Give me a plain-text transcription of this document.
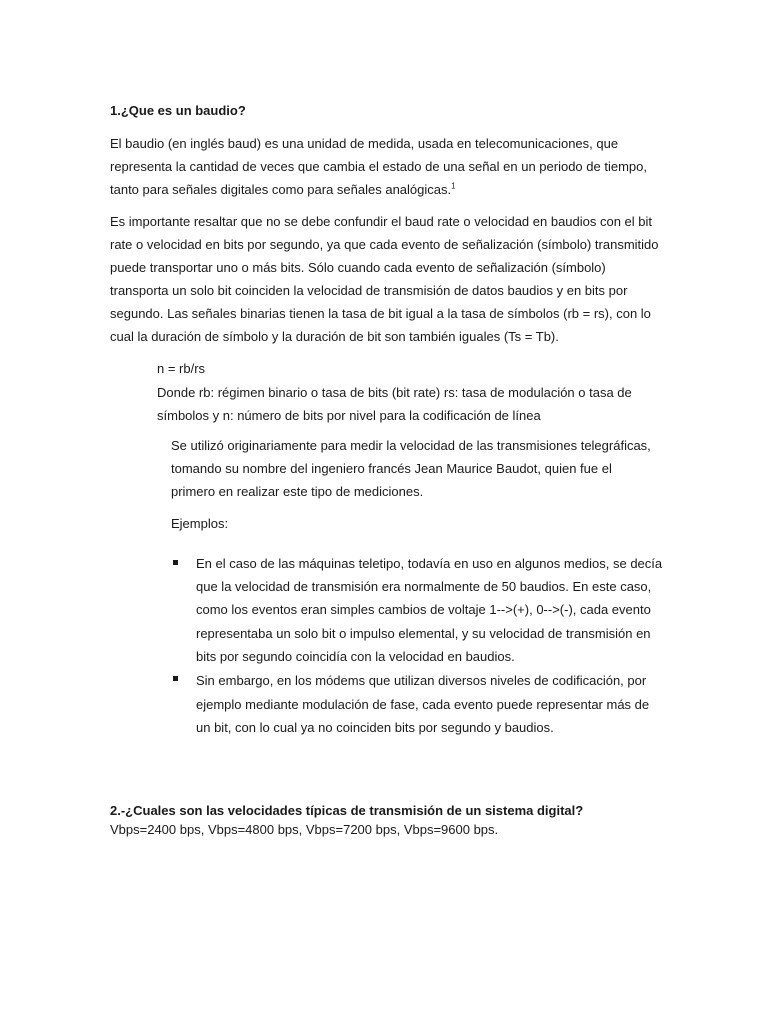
1.¿Que es un baudio?
El baudio (en inglés baud) es una unidad de medida, usada en telecomunicaciones, que
representa la cantidad de veces que cambia el estado de una señal en un periodo de tiempo,
tanto para señales digitales como para señales analógicas.$^1$
Es importante resaltar que no se debe confundir el baud rate o velocidad en baudios con el bit
rate o velocidad en bits por segundo, ya que cada evento de señalización (símbolo) transmitido
puede transportar uno o más bits. Sólo cuando cada evento de señalización (símbolo)
transporta un solo bit coinciden la velocidad de transmisión de datos baudios y en bits por
segundo. Las señales binarias tienen la tasa de bit igual a la tasa de símbolos (rb = rs), con lo
cual la duración de símbolo y la duración de bit son también iguales (Ts = Tb).
n = rb/rs
Donde rb: régimen binario o tasa de bits (bit rate) rs: tasa de modulación o tasa de
símbolos y n: número de bits por nivel para la codificación de línea
Se utilizó originariamente para medir la velocidad de las transmisiones telegráficas,
tomando su nombre del ingeniero francés Jean Maurice Baudot, quien fue el
primero en realizar este tipo de mediciones.
Ejemplos:
En el caso de las máquinas teletipo, todavía en uso en algunos medios, se decía
que la velocidad de transmisión era normalmente de 50 baudios. En este caso,
como los eventos eran simples cambios de voltaje 1-->(+), 0-->(-), cada evento
representaba un solo bit o impulso elemental, y su velocidad de transmisión en
bits por segundo coincidía con la velocidad en baudios.
Sin embargo, en los módems que utilizan diversos niveles de codificación, por
ejemplo mediante modulación de fase, cada evento puede representar más de
un bit, con lo cual ya no coinciden bits por segundo y baudios.
2.-¿Cuales son las velocidades típicas de transmisión de un sistema digital?
Vbps=2400 bps, Vbps=4800 bps, Vbps=7200 bps, Vbps=9600 bps.
